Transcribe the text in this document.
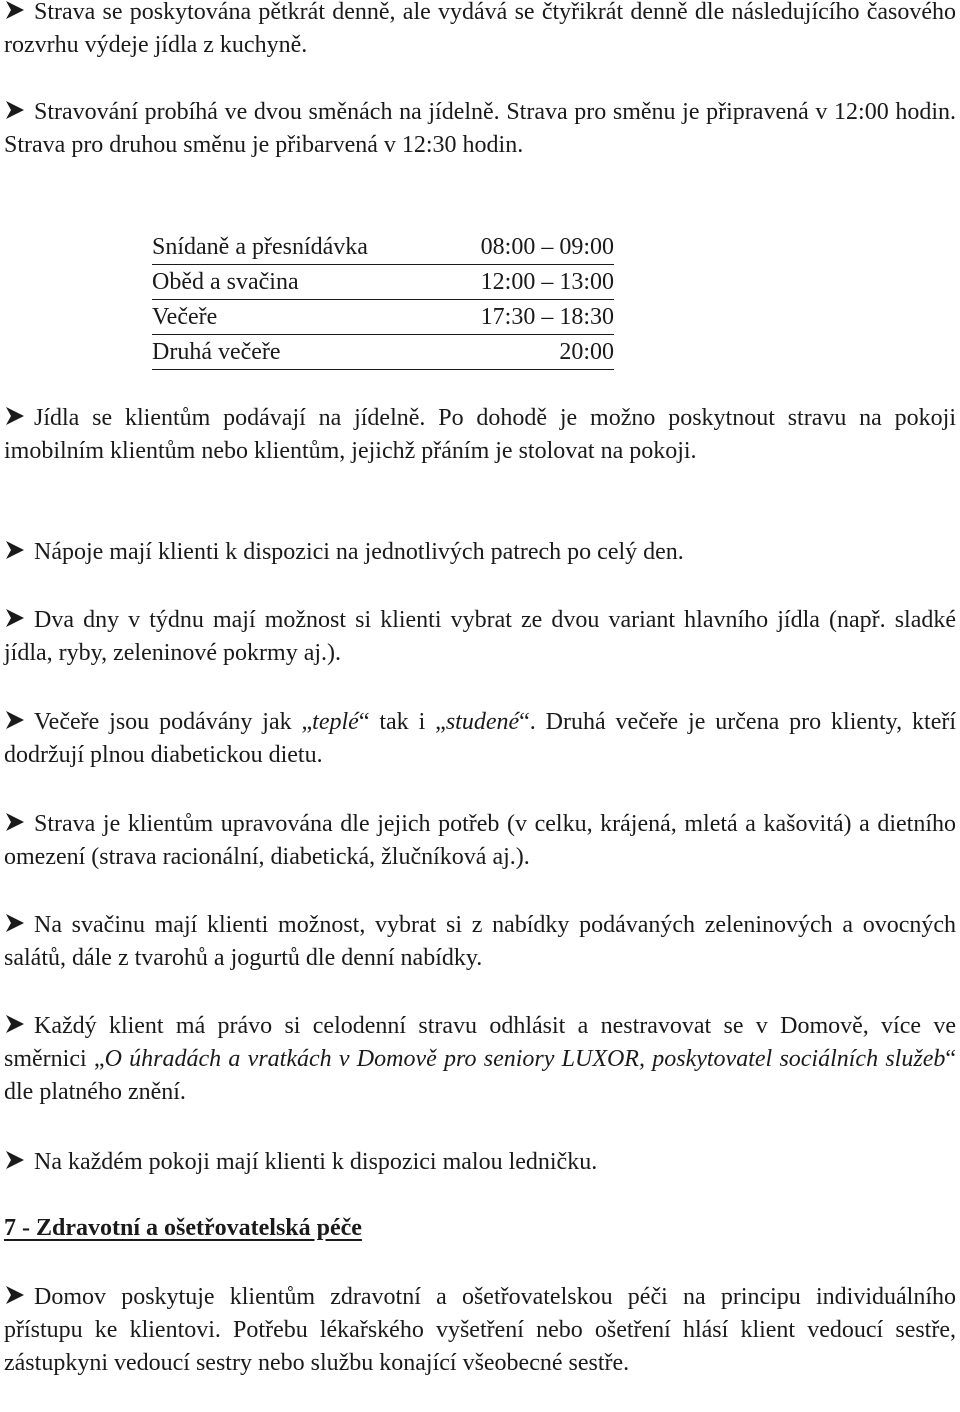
Strava se poskytována pětkrát denně, ale vydává se čtyřikrát denně dle následujícího časového rozvrhu výdeje jídla z kuchyně.

Stravování probíhá ve dvou směnách na jídelně. Strava pro směnu je připravená v 12:00 hodin. Strava pro druhou směnu je přibarvená v 12:30 hodin.

Snídaně a přesnídávka	08:00 – 09:00
Oběd a svačina	12:00 – 13:00
Večeře	17:30 – 18:30
Druhá večeře	20:00

Jídla se klientům podávají na jídelně. Po dohodě je možno poskytnout stravu na pokoji imobilním klientům nebo klientům, jejichž přáním je stolovat na pokoji.

Nápoje mají klienti k dispozici na jednotlivých patrech po celý den.

Dva dny v týdnu mají možnost si klienti vybrat ze dvou variant hlavního jídla (např. sladké jídla, ryby, zeleninové pokrmy aj.).

Večeře jsou podávány jak „teplé“ tak i „studené“. Druhá večeře je určena pro klienty, kteří dodržují plnou diabetickou dietu.

Strava je klientům upravována dle jejich potřeb (v celku, krájená, mletá a kašovitá) a dietního omezení (strava racionální, diabetická, žlučníková aj.).

Na svačinu mají klienti možnost, vybrat si z nabídky podávaných zeleninových a ovocných salátů, dále z tvarohů a jogurtů dle denní nabídky.

Každý klient má právo si celodenní stravu odhlásit a nestravovat se v Domově, více ve směrnici „O úhradách a vratkách v Domově pro seniory LUXOR, poskytovatel sociálních služeb“ dle platného znění.

Na každém pokoji mají klienti k dispozici malou ledničku.

7 - Zdravotní a ošetřovatelská péče

Domov poskytuje klientům zdravotní a ošetřovatelskou péči na principu individuálního přístupu ke klientovi. Potřebu lékařského vyšetření nebo ošetření hlásí klient vedoucí sestře, zástupkyni vedoucí sestry nebo službu konající všeobecné sestře.
